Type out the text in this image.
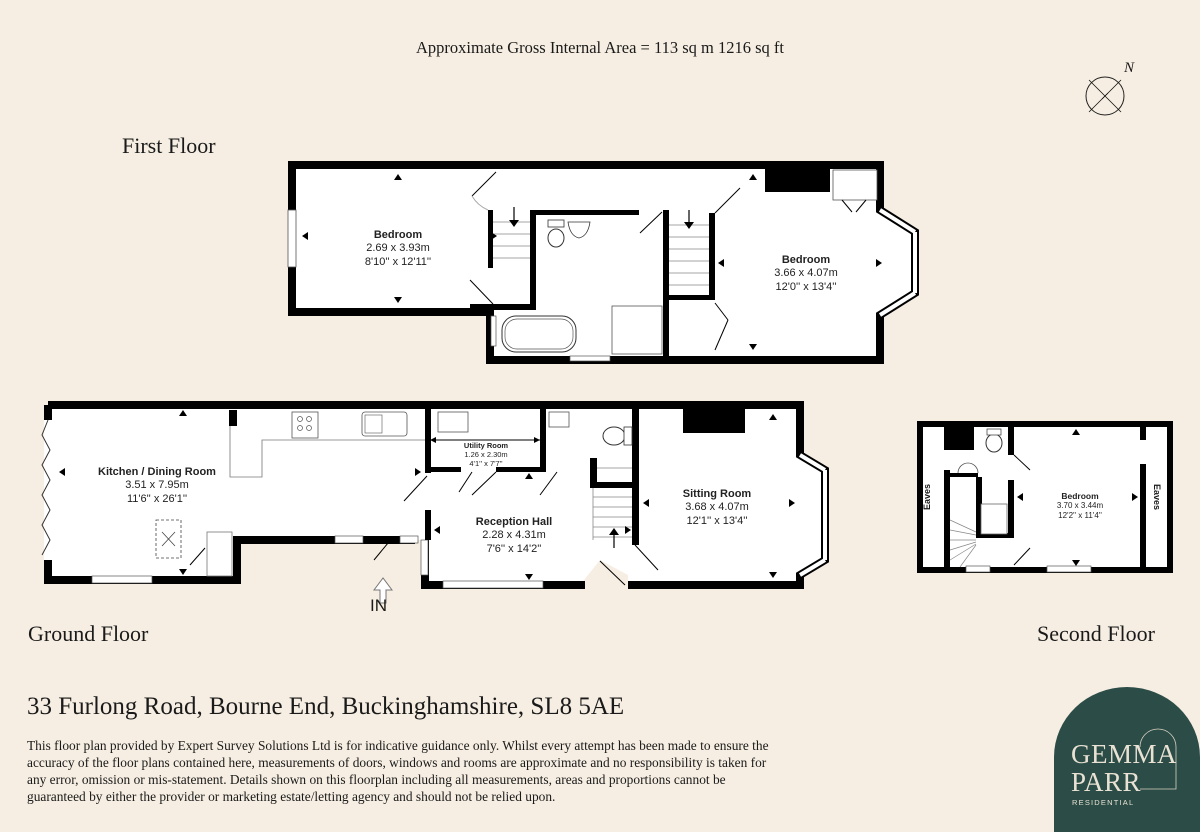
Approximate Gross Internal Area = 113 sq m 1216 sq ft
N
First Floor
Ground Floor	Second Floor
Bedroom
2.69 x 3.93m
8'10'' x 12'11''	Bedroom
3.66 x 4.07m
12'0'' x 13'4''
Kitchen / Dining Room
3.51 x 7.95m
11'6'' x 26'1''
Utility Room
1.26 x 2.30m
4'1'' x 7'7''
Reception Hall
2.28 x 4.31m
7'6'' x 14'2''
Sitting Room
3.68 x 4.07m
12'1'' x 13'4''
IN
Bedroom
3.70 x 3.44m
12'2'' x 11'4''
Eaves	Eaves
33 Furlong Road, Bourne End, Buckinghamshire, SL8 5AE
This floor plan provided by Expert Survey Solutions Ltd is for indicative guidance only. Whilst every attempt has been made to ensure the accuracy of the floor plans contained here, measurements of doors, windows and rooms are approximate and no responsibility is taken for any error, omission or mis-statement. Details shown on this floorplan including all measurements, areas and proportions cannot be guaranteed by either the provider or marketing estate/letting agency and should not be relied upon.
GEMMA
PARR
RESIDENTIAL
